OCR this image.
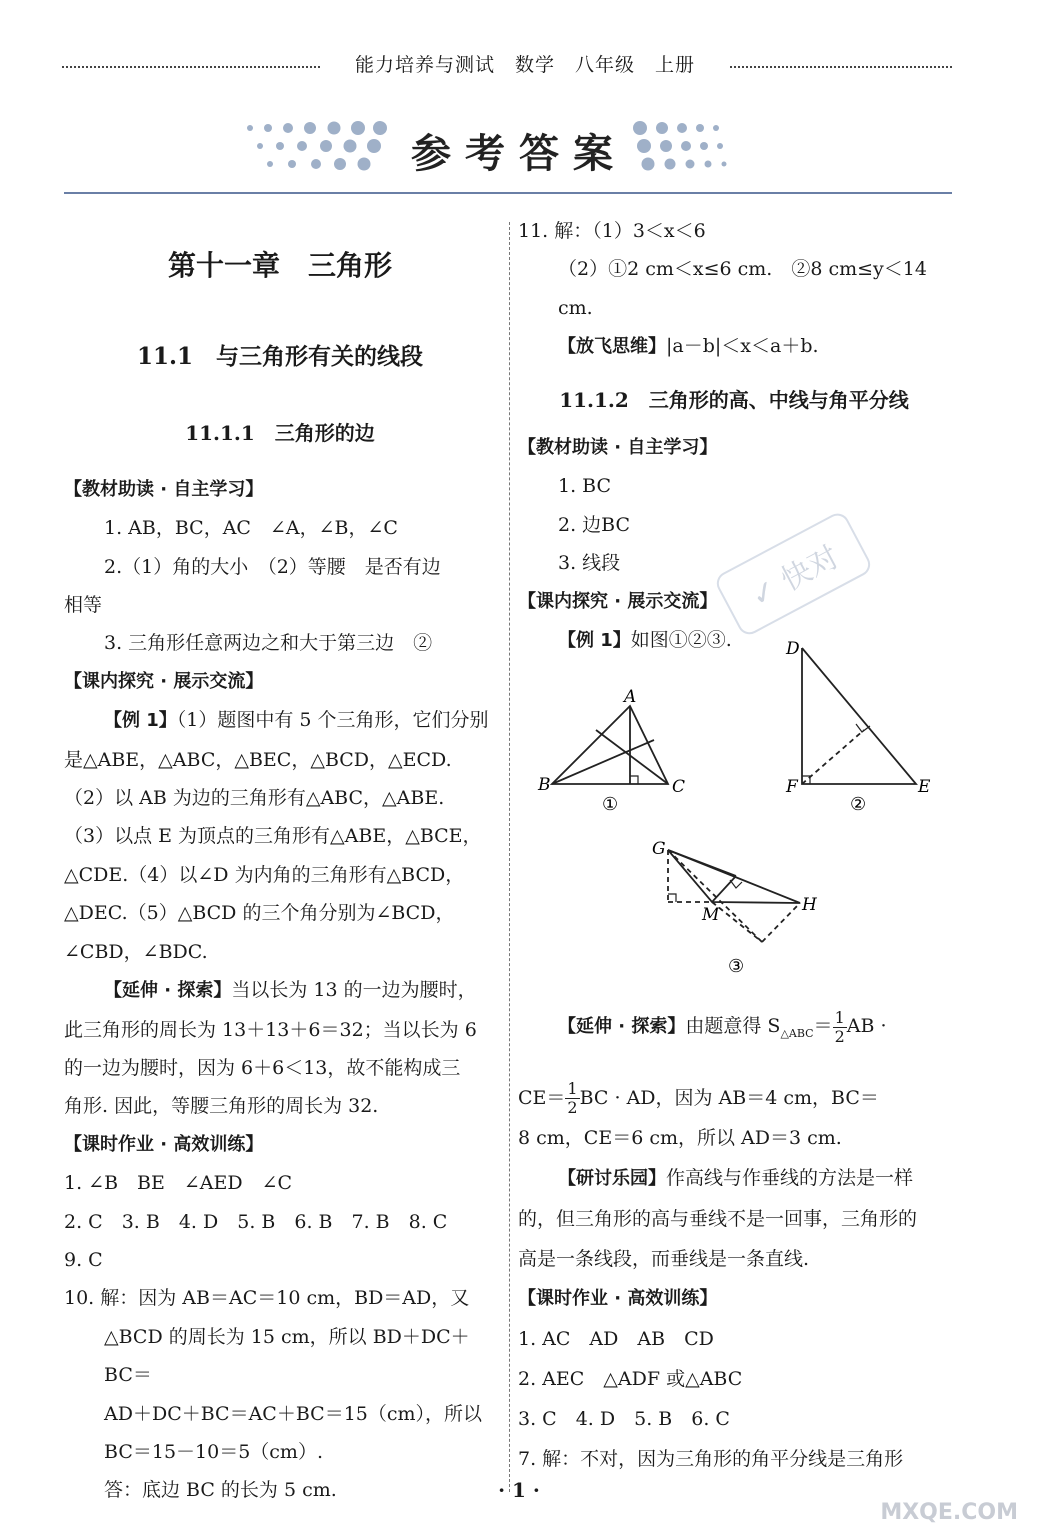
能力培养与测试　数学　八年级　上册
参考答案
✓ 快对

第十一章　三角形

11.1　与三角形有关的线段

11.1.1　三角形的边

【教材助读 · 自主学习】

1. AB，BC，AC　∠A，∠B，∠C

2.（1）角的大小　（2）等腰　是否有边

相等

3. 三角形任意两边之和大于第三边　②

【课内探究 · 展示交流】

【例 1】（1）题图中有 5 个三角形，它们分别

是△ABE，△ABC，△BEC，△BCD，△ECD.

（2）以 AB 为边的三角形有△ABC，△ABE.

（3）以点 E 为顶点的三角形有△ABE，△BCE，

△CDE.（4）以∠D 为内角的三角形有△BCD，

△DEC.（5）△BCD 的三个角分别为∠BCD，

∠CBD，∠BDC.

【延伸 · 探索】当以长为 13 的一边为腰时，

此三角形的周长为 13＋13＋6＝32；当以长为 6

的一边为腰时，因为 6＋6＜13，故不能构成三

角形. 因此，等腰三角形的周长为 32.

【课时作业 · 高效训练】

1. ∠B　BE　∠AED　∠C

2. C　3. B　4. D　5. B　6. B　7. B　8. C

9. C

10. 解：因为 AB＝AC＝10 cm，BD＝AD，又

△BCD 的周长为 15 cm，所以 BD＋DC＋BC＝

AD＋DC＋BC＝AC＋BC＝15（cm），所以

BC＝15－10＝5（cm）.

答：底边 BC 的长为 5 cm.

11. 解：（1）3＜x＜6

（2）①2 cm＜x≤6 cm.　②8 cm≤y＜14 cm.

【放飞思维】|a－b|＜x＜a＋b.

11.1.2　三角形的高、中线与角平分线

【教材助读 · 自主学习】

1. BC

2. 边BC

3. 线段

【课内探究 · 展示交流】

【例 1】如图①②③.

A
B	C
①
D
F	E
②
G
M	H
③

【延伸 · 探索】由题意得 $S_{\triangle ABC}= \frac{1}{2}$ AB ·

$CE= \frac{1}{2}$ BC · AD，因为 AB＝4 cm，BC＝

8 cm，CE＝6 cm，所以 AD＝3 cm.

【研讨乐园】作高线与作垂线的方法是一样

的，但三角形的高与垂线不是一回事，三角形的

高是一条线段，而垂线是一条直线.

【课时作业 · 高效训练】

1. AC　AD　AB　CD

2. AEC　△ADF 或△ABC

3. C　4. D　5. B　6. C

7. 解：不对，因为三角形的角平分线是三角形

· 1 ·
MXQE.COM
